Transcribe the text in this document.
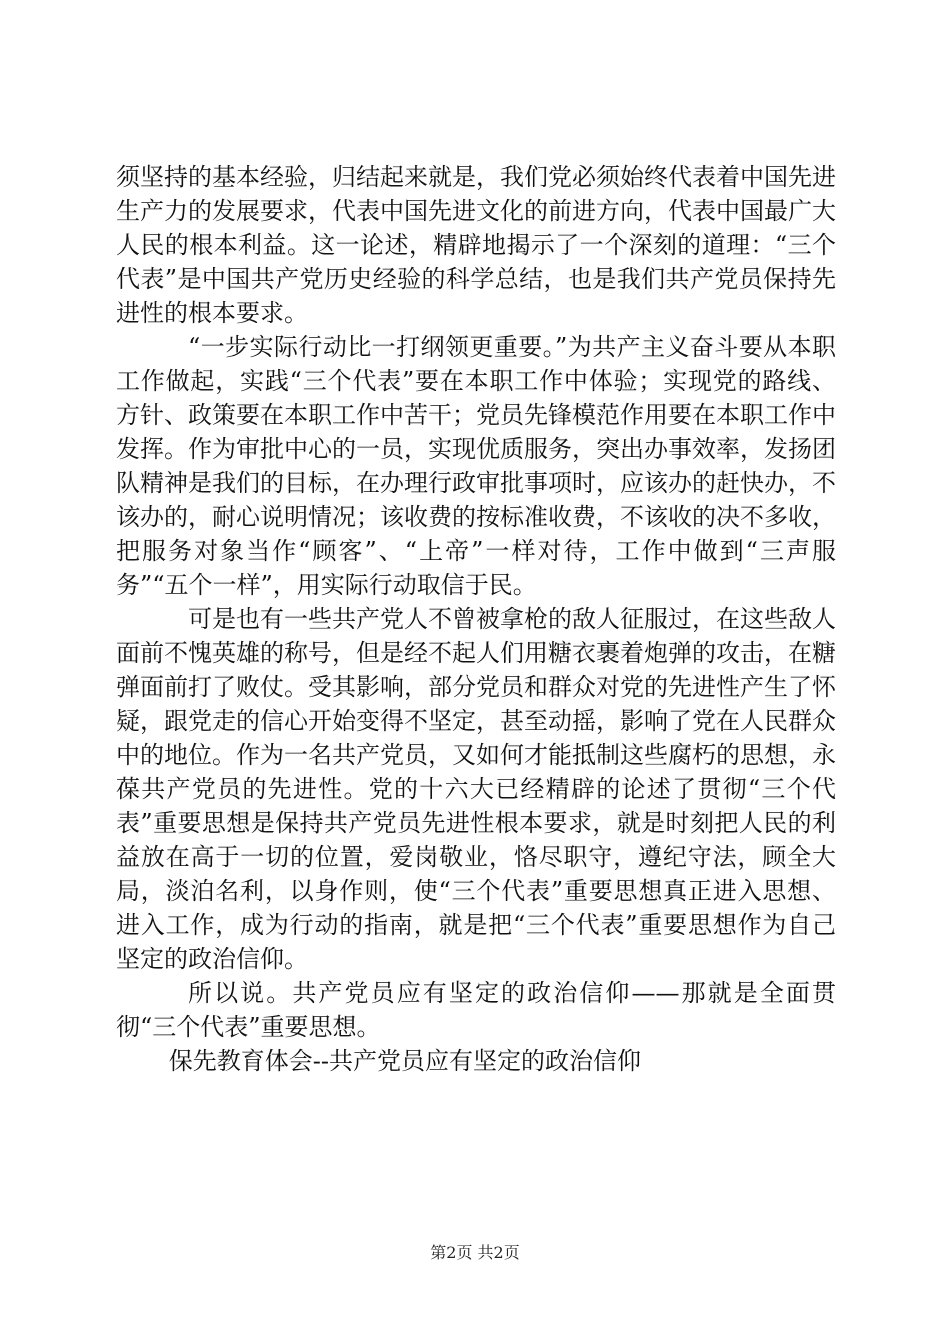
须坚持的基本经验，归结起来就是，我们党必须始终代表着中国先进生产力的发展要求，代表中国先进文化的前进方向，代表中国最广大人民的根本利益。这一论述，精辟地揭示了一个深刻的道理：“三个代表”是中国共产党历史经验的科学总结，也是我们共产党员保持先进性的根本要求。

“一步实际行动比一打纲领更重要。”为共产主义奋斗要从本职工作做起，实践“三个代表”要在本职工作中体验；实现党的路线、方针、政策要在本职工作中苦干；党员先锋模范作用要在本职工作中发挥。作为审批中心的一员，实现优质服务，突出办事效率，发扬团队精神是我们的目标，在办理行政审批事项时，应该办的赶快办，不该办的，耐心说明情况；该收费的按标准收费，不该收的决不多收，把服务对象当作“顾客”、“上帝”一样对待，工作中做到“三声服务”“五个一样”，用实际行动取信于民。

可是也有一些共产党人不曾被拿枪的敌人征服过，在这些敌人面前不愧英雄的称号，但是经不起人们用糖衣裹着炮弹的攻击，在糖弹面前打了败仗。受其影响，部分党员和群众对党的先进性产生了怀疑，跟党走的信心开始变得不坚定，甚至动摇，影响了党在人民群众中的地位。作为一名共产党员，又如何才能抵制这些腐朽的思想，永葆共产党员的先进性。党的十六大已经精辟的论述了贯彻“三个代表”重要思想是保持共产党员先进性根本要求，就是时刻把人民的利益放在高于一切的位置，爱岗敬业，恪尽职守，遵纪守法，顾全大局，淡泊名利，以身作则，使“三个代表”重要思想真正进入思想、进入工作，成为行动的指南，就是把“三个代表”重要思想作为自己坚定的政治信仰。

所以说。共产党员应有坚定的政治信仰——那就是全面贯彻“三个代表”重要思想。

保先教育体会--共产党员应有坚定的政治信仰

第2页 共2页
